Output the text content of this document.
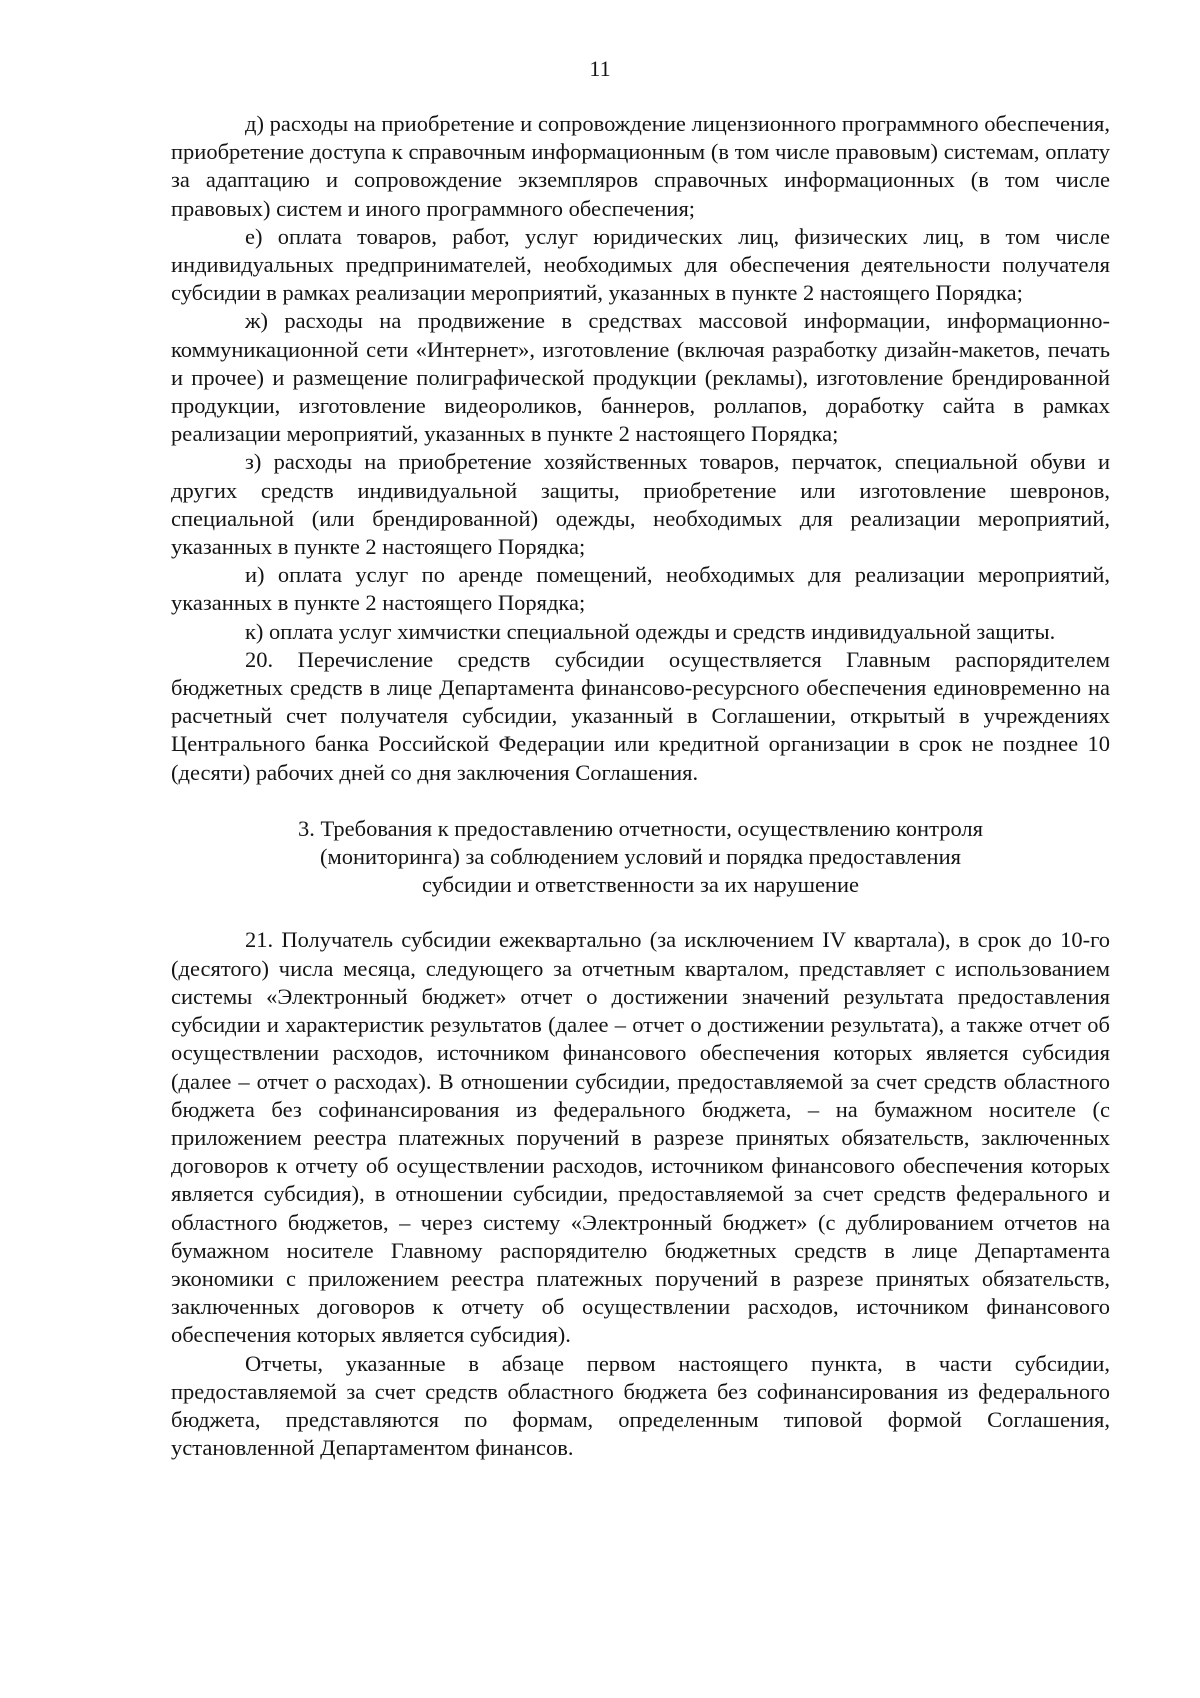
11

д) расходы на приобретение и сопровождение лицензионного программного обеспечения, приобретение доступа к справочным информационным (в том числе правовым) системам, оплату за адаптацию и сопровождение экземпляров справочных информационных (в том числе правовых) систем и иного программного обеспечения;

е) оплата товаров, работ, услуг юридических лиц, физических лиц, в том числе индивидуальных предпринимателей, необходимых для обеспечения деятельности получателя субсидии в рамках реализации мероприятий, указанных в пункте 2 настоящего Порядка;

ж) расходы на продвижение в средствах массовой информации, информационно-коммуникационной сети «Интернет», изготовление (включая разработку дизайн-макетов, печать и прочее) и размещение полиграфической продукции (рекламы), изготовление брендированной продукции, изготовление видеороликов, баннеров, роллапов, доработку сайта в рамках реализации мероприятий, указанных в пункте 2 настоящего Порядка;

з) расходы на приобретение хозяйственных товаров, перчаток, специальной обуви и других средств индивидуальной защиты, приобретение или изготовление шевронов, специальной (или брендированной) одежды, необходимых для реализации мероприятий, указанных в пункте 2 настоящего Порядка;

и) оплата услуг по аренде помещений, необходимых для реализации мероприятий, указанных в пункте 2 настоящего Порядка;

к) оплата услуг химчистки специальной одежды и средств индивидуальной защиты.

20. Перечисление средств субсидии осуществляется Главным распорядителем бюджетных средств в лице Департамента финансово-ресурсного обеспечения единовременно на расчетный счет получателя субсидии, указанный в Соглашении, открытый в учреждениях Центрального банка Российской Федерации или кредитной организации в срок не позднее 10 (десяти) рабочих дней со дня заключения Соглашения.

3. Требования к предоставлению отчетности, осуществлению контроля
(мониторинга) за соблюдением условий и порядка предоставления
субсидии и ответственности за их нарушение

21. Получатель субсидии ежеквартально (за исключением IV квартала), в срок до 10-го (десятого) числа месяца, следующего за отчетным кварталом, представляет с использованием системы «Электронный бюджет» отчет о достижении значений результата предоставления субсидии и характеристик результатов (далее – отчет о достижении результата), а также отчет об осуществлении расходов, источником финансового обеспечения которых является субсидия (далее – отчет о расходах). В отношении субсидии, предоставляемой за счет средств областного бюджета без софинансирования из федерального бюджета, – на бумажном носителе (с приложением реестра платежных поручений в разрезе принятых обязательств, заключенных договоров к отчету об осуществлении расходов, источником финансового обеспечения которых является субсидия), в отношении субсидии, предоставляемой за счет средств федерального и областного бюджетов, – через систему «Электронный бюджет» (с дублированием отчетов на бумажном носителе Главному распорядителю бюджетных средств в лице Департамента экономики с приложением реестра платежных поручений в разрезе принятых обязательств, заключенных договоров к отчету об осуществлении расходов, источником финансового обеспечения которых является субсидия).

Отчеты, указанные в абзаце первом настоящего пункта, в части субсидии, предоставляемой за счет средств областного бюджета без софинансирования из федерального бюджета, представляются по формам, определенным типовой формой Соглашения, установленной Департаментом финансов.
